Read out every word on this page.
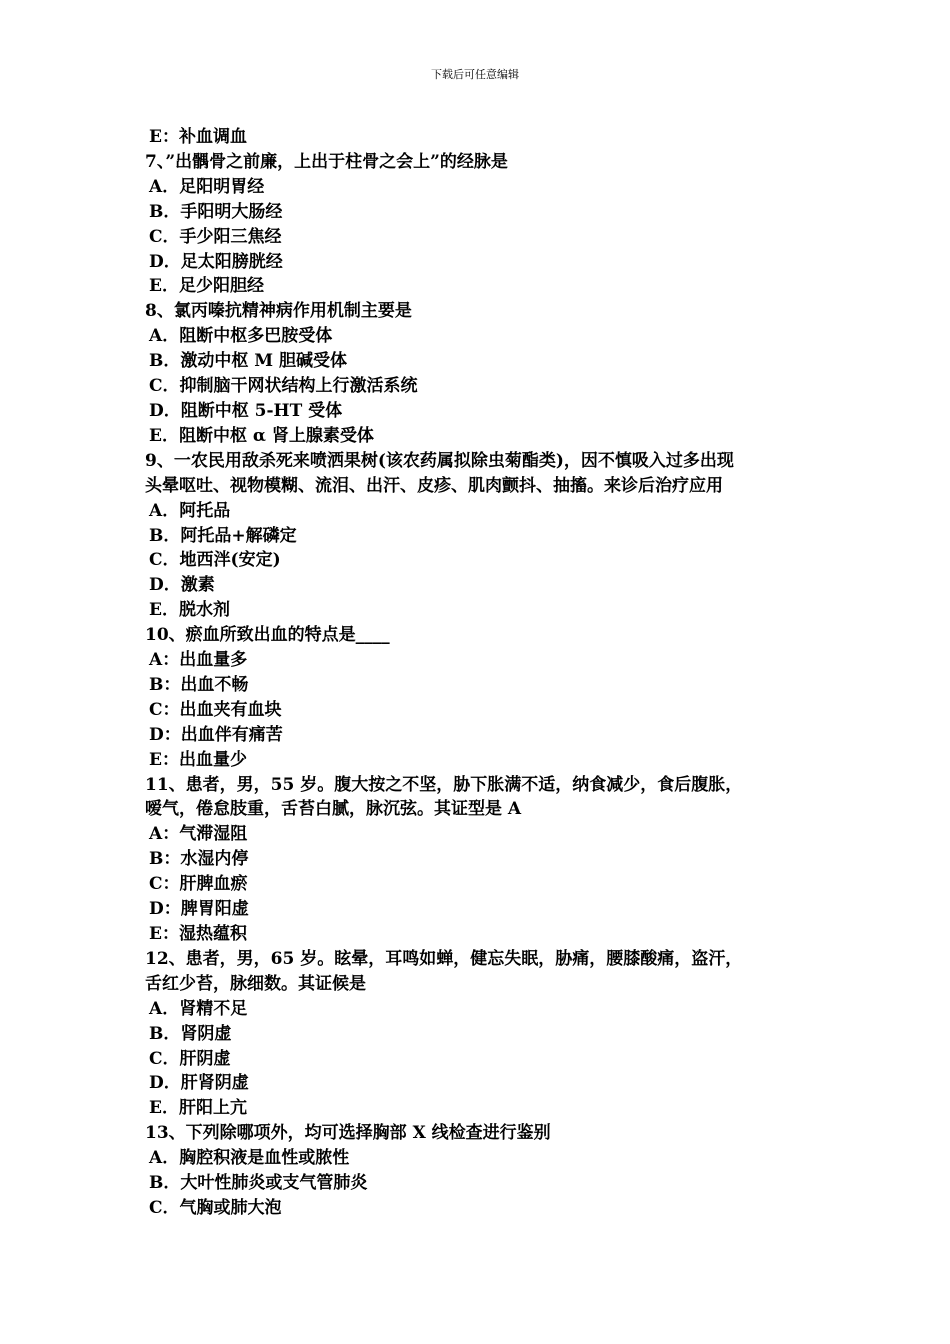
下载后可任意编辑
E：补血调血
7、”出髃骨之前廉，上出于柱骨之会上”的经脉是
A．足阳明胃经
B．手阳明大肠经
C．手少阳三焦经
D．足太阳膀胱经
E．足少阳胆经
8、氯丙嗪抗精神病作用机制主要是
A．阻断中枢多巴胺受体
B．激动中枢 M 胆碱受体
C．抑制脑干网状结构上行激活系统
D．阻断中枢 5-HT 受体
E．阻断中枢 α 肾上腺素受体
9、一农民用敌杀死来喷洒果树(该农药属拟除虫菊酯类)，因不慎吸入过多出现
头晕呕吐、视物模糊、流泪、出汗、皮疹、肌肉颤抖、抽搐。来诊后治疗应用
A．阿托品
B．阿托品+解磷定
C．地西泮(安定)
D．激素
E．脱水剂
10、瘀血所致出血的特点是____
A：出血量多
B：出血不畅
C：出血夹有血块
D：出血伴有痛苦
E：出血量少
11、患者，男，55 岁。腹大按之不坚，胁下胀满不适，纳食减少，食后腹胀，
嗳气，倦怠肢重，舌苔白腻，脉沉弦。其证型是 A
A：气滞湿阻
B：水湿内停
C：肝脾血瘀
D：脾胃阳虚
E：湿热蕴积
12、患者，男，65 岁。眩晕，耳鸣如蝉，健忘失眠，胁痛，腰膝酸痛，盗汗，
舌红少苔，脉细数。其证候是
A．肾精不足
B．肾阴虚
C．肝阴虚
D．肝肾阴虚
E．肝阳上亢
13、下列除哪项外，均可选择胸部 X 线检查进行鉴别
A．胸腔积液是血性或脓性
B．大叶性肺炎或支气管肺炎
C．气胸或肺大泡
